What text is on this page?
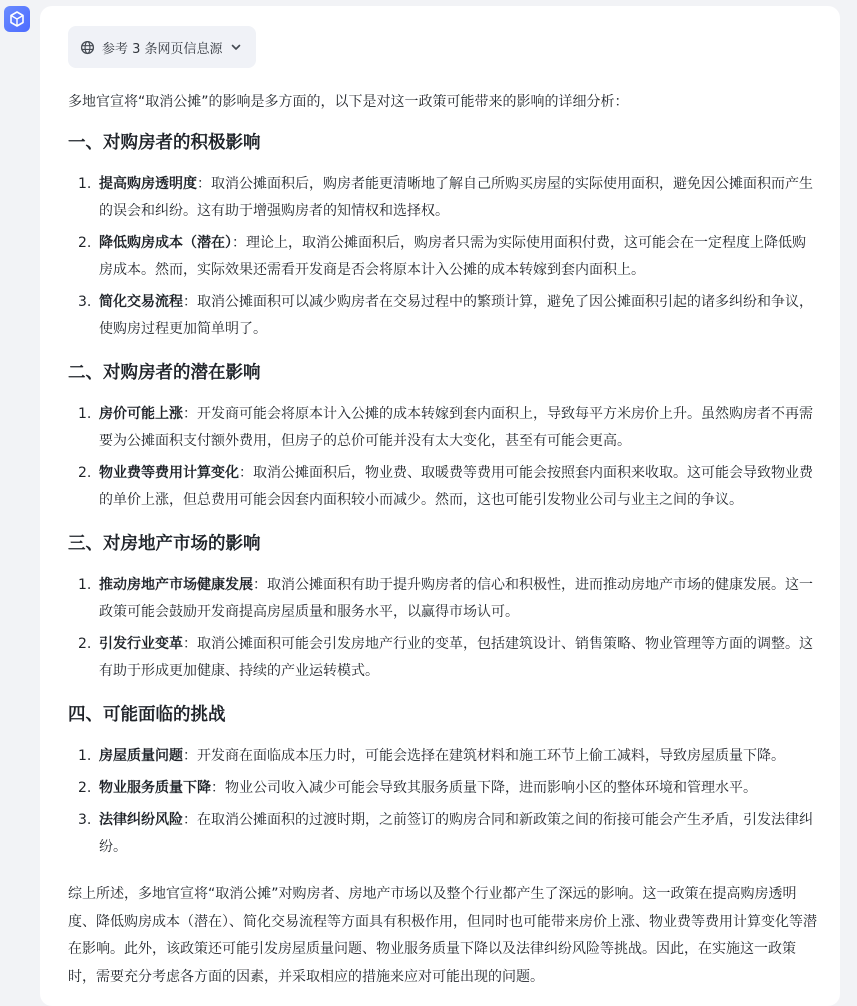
参考 3 条网页信息源
多地官宣将“取消公摊”的影响是多方面的，以下是对这一政策可能带来的影响的详细分析：
一、对购房者的积极影响
1. 提高购房透明度：取消公摊面积后，购房者能更清晰地了解自己所购买房屋的实际使用面积，避免因公摊面积而产生的误会和纠纷。这有助于增强购房者的知情权和选择权。
2. 降低购房成本（潜在）：理论上，取消公摊面积后，购房者只需为实际使用面积付费，这可能会在一定程度上降低购房成本。然而，实际效果还需看开发商是否会将原本计入公摊的成本转嫁到套内面积上。
3. 简化交易流程：取消公摊面积可以减少购房者在交易过程中的繁琐计算，避免了因公摊面积引起的诸多纠纷和争议，使购房过程更加简单明了。
二、对购房者的潜在影响
1. 房价可能上涨：开发商可能会将原本计入公摊的成本转嫁到套内面积上，导致每平方米房价上升。虽然购房者不再需要为公摊面积支付额外费用，但房子的总价可能并没有太大变化，甚至有可能会更高。
2. 物业费等费用计算变化：取消公摊面积后，物业费、取暖费等费用可能会按照套内面积来收取。这可能会导致物业费的单价上涨，但总费用可能会因套内面积较小而减少。然而，这也可能引发物业公司与业主之间的争议。
三、对房地产市场的影响
1. 推动房地产市场健康发展：取消公摊面积有助于提升购房者的信心和积极性，进而推动房地产市场的健康发展。这一政策可能会鼓励开发商提高房屋质量和服务水平，以赢得市场认可。
2. 引发行业变革：取消公摊面积可能会引发房地产行业的变革，包括建筑设计、销售策略、物业管理等方面的调整。这有助于形成更加健康、持续的产业运转模式。
四、可能面临的挑战
1. 房屋质量问题：开发商在面临成本压力时，可能会选择在建筑材料和施工环节上偷工减料，导致房屋质量下降。
2. 物业服务质量下降：物业公司收入减少可能会导致其服务质量下降，进而影响小区的整体环境和管理水平。
3. 法律纠纷风险：在取消公摊面积的过渡时期，之前签订的购房合同和新政策之间的衔接可能会产生矛盾，引发法律纠纷。
综上所述，多地官宣将“取消公摊”对购房者、房地产市场以及整个行业都产生了深远的影响。这一政策在提高购房透明度、降低购房成本（潜在）、简化交易流程等方面具有积极作用，但同时也可能带来房价上涨、物业费等费用计算变化等潜在影响。此外，该政策还可能引发房屋质量问题、物业服务质量下降以及法律纠纷风险等挑战。因此，在实施这一政策时，需要充分考虑各方面的因素，并采取相应的措施来应对可能出现的问题。
